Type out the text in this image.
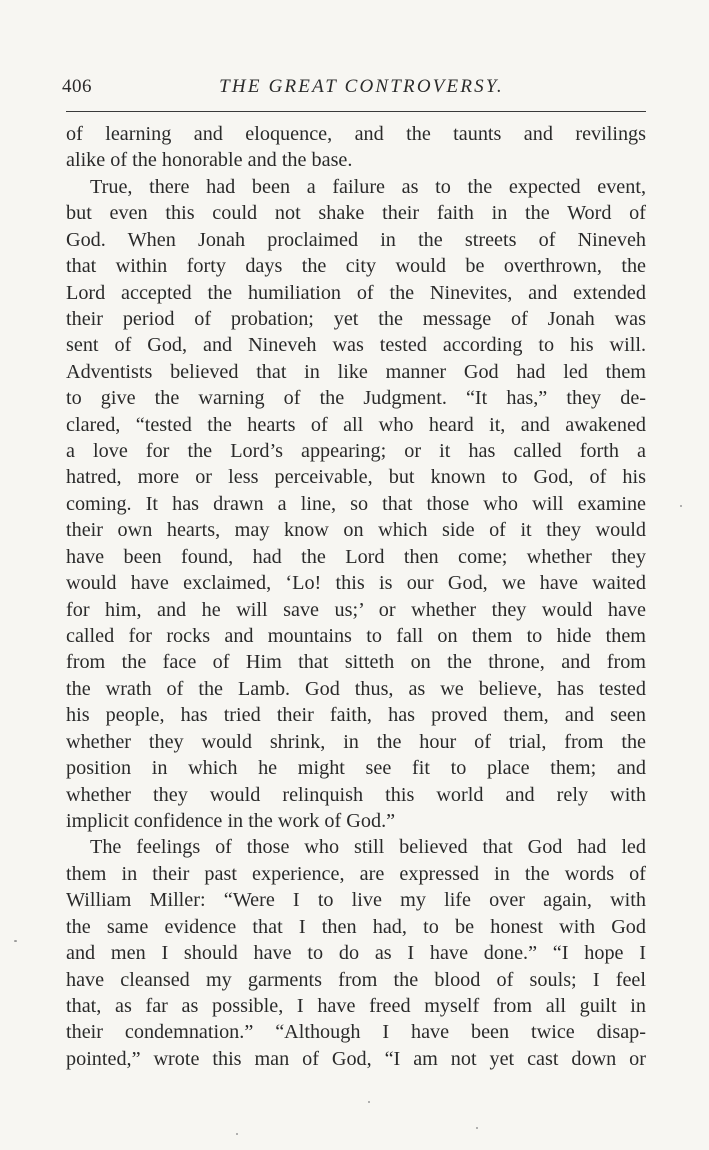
406	THE GREAT CONTROVERSY.
of learning and eloquence, and the taunts and revilings
alike of the honorable and the base.
True, there had been a failure as to the expected event,
but even this could not shake their faith in the Word of
God. When Jonah proclaimed in the streets of Nineveh
that within forty days the city would be overthrown, the
Lord accepted the humiliation of the Ninevites, and extended
their period of probation; yet the message of Jonah was
sent of God, and Nineveh was tested according to his will.
Adventists believed that in like manner God had led them
to give the warning of the Judgment. “It has,” they de-
clared, “tested the hearts of all who heard it, and awakened
a love for the Lord’s appearing; or it has called forth a
hatred, more or less perceivable, but known to God, of his
coming. It has drawn a line, so that those who will examine
their own hearts, may know on which side of it they would
have been found, had the Lord then come; whether they
would have exclaimed, ‘Lo! this is our God, we have waited
for him, and he will save us;’ or whether they would have
called for rocks and mountains to fall on them to hide them
from the face of Him that sitteth on the throne, and from
the wrath of the Lamb. God thus, as we believe, has tested
his people, has tried their faith, has proved them, and seen
whether they would shrink, in the hour of trial, from the
position in which he might see fit to place them; and
whether they would relinquish this world and rely with
implicit confidence in the work of God.”
The feelings of those who still believed that God had led
them in their past experience, are expressed in the words of
William Miller: “Were I to live my life over again, with
the same evidence that I then had, to be honest with God
and men I should have to do as I have done.” “I hope I
have cleansed my garments from the blood of souls; I feel
that, as far as possible, I have freed myself from all guilt in
their condemnation.” “Although I have been twice disap-
pointed,” wrote this man of God, “I am not yet cast down or
